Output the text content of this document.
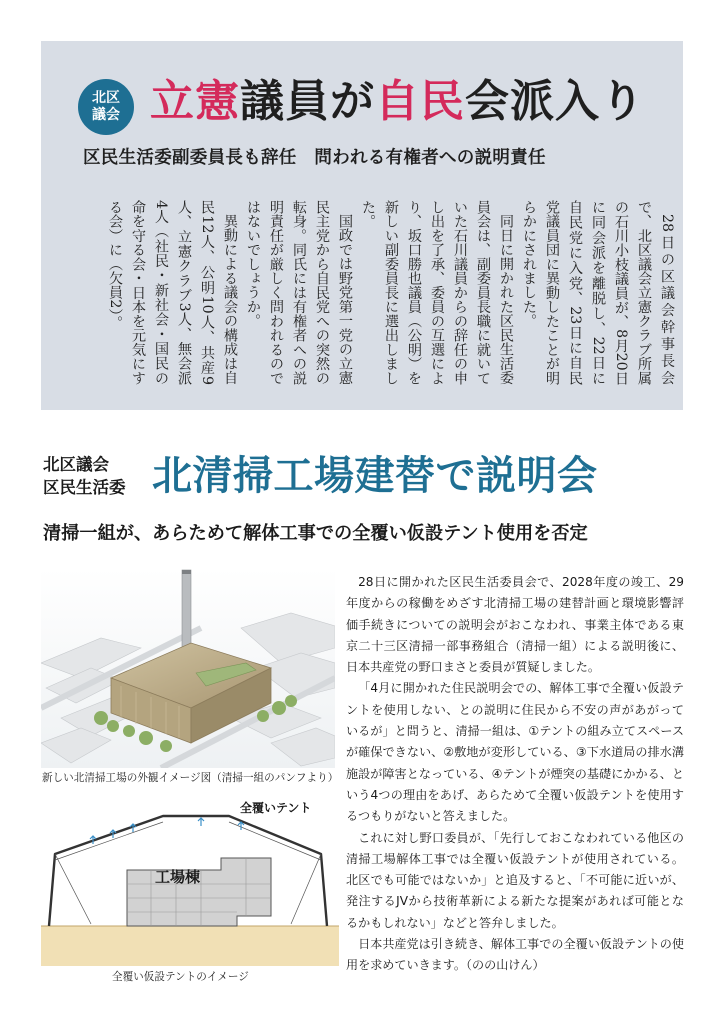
北区
議会 立憲議員が自民会派入り
区民生活委副委員長も辞任　問われる有権者への説明責任

28日の区議会幹事長会で、北区議会立憲クラブ所属の石川小枝議員が、8月20日に同会派を離脱し、22日に自民党に入党、23日に自民党議員団に異動したことが明らかにされました。

同日に開かれた区民生活委員会は、副委員長職に就いていた石川議員からの辞任の申し出を了承、委員の互選により、坂口勝也議員（公明）を新しい副委員長に選出しました。

国政では野党第一党の立憲民主党から自民党への突然の転身。同氏には有権者への説明責任が厳しく問われるのではないでしょうか。

異動による議会の構成は自民12人、公明10人、共産9人、立憲クラブ3人、無会派4人（社民・新社会・国民の命を守る会・日本を元気にする会）に（欠員2）。

北区議会
区民生活委 北清掃工場建替で説明会
清掃一組が、あらためて解体工事での全覆い仮設テント使用を否定
新しい北清掃工場の外観イメージ図（清掃一組のパンフより）
全覆いテント
工場棟
全覆い仮設テントのイメージ

28日に開かれた区民生活委員会で、2028年度の竣工、29年度からの稼働をめざす北清掃工場の建替計画と環境影響評価手続きについての説明会がおこなわれ、事業主体である東京二十三区清掃一部事務組合（清掃一組）による説明後に、日本共産党の野口まさと委員が質疑しました。

「4月に開かれた住民説明会での、解体工事で全覆い仮設テントを使用しない、との説明に住民から不安の声があがっているが」と問うと、清掃一組は、①テントの組み立てスペースが確保できない、②敷地が変形している、③下水道局の排水溝施設が障害となっている、④テントが煙突の基礎にかかる、という4つの理由をあげ、あらためて全覆い仮設テントを使用するつもりがないと答えました。

これに対し野口委員が、「先行しておこなわれている他区の清掃工場解体工事では全覆い仮設テントが使用されている。北区でも可能ではないか」と追及すると、「不可能に近いが、発注するJVから技術革新による新たな提案があれば可能となるかもしれない」などと答弁しました。

日本共産党は引き続き、解体工事での全覆い仮設テントの使用を求めていきます。（のの山けん）
